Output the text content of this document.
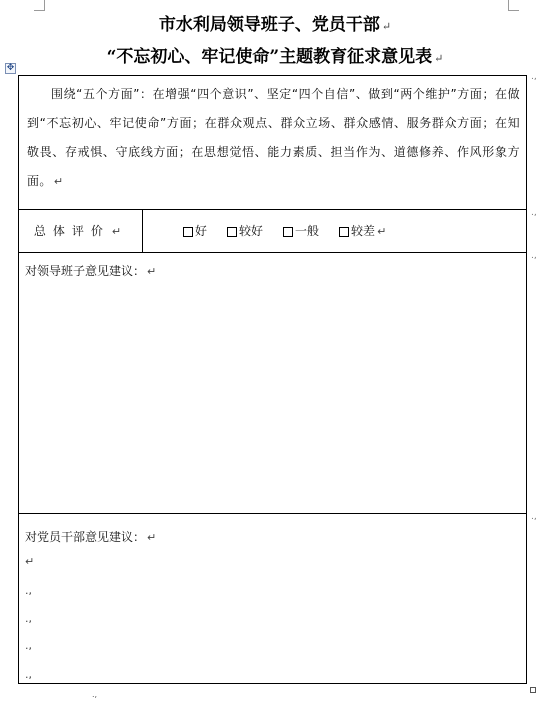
市水利局领导班子、党员干部 ↵
“不忘初心、牢记使命”主题教育征求意见表 ↵
✥
围绕“五个方面”：在增强“四个意识”、坚定“四个自信”、做到“两个维护”方面；在做到“不忘初心、牢记使命”方面；在群众观点、群众立场、群众感情、服务群众方面；在知敬畏、存戒惧、守底线方面；在思想觉悟、能力素质、担当作为、道德修养、作风形象方面。 ↵
总体评价 ↵	好	较好	一般	较差 ↵
对领导班子意见建议： ↵
对党员干部意见建议： ↵
↵
.,
.,
.,
.,
.,
.,
.,
.,
.,
